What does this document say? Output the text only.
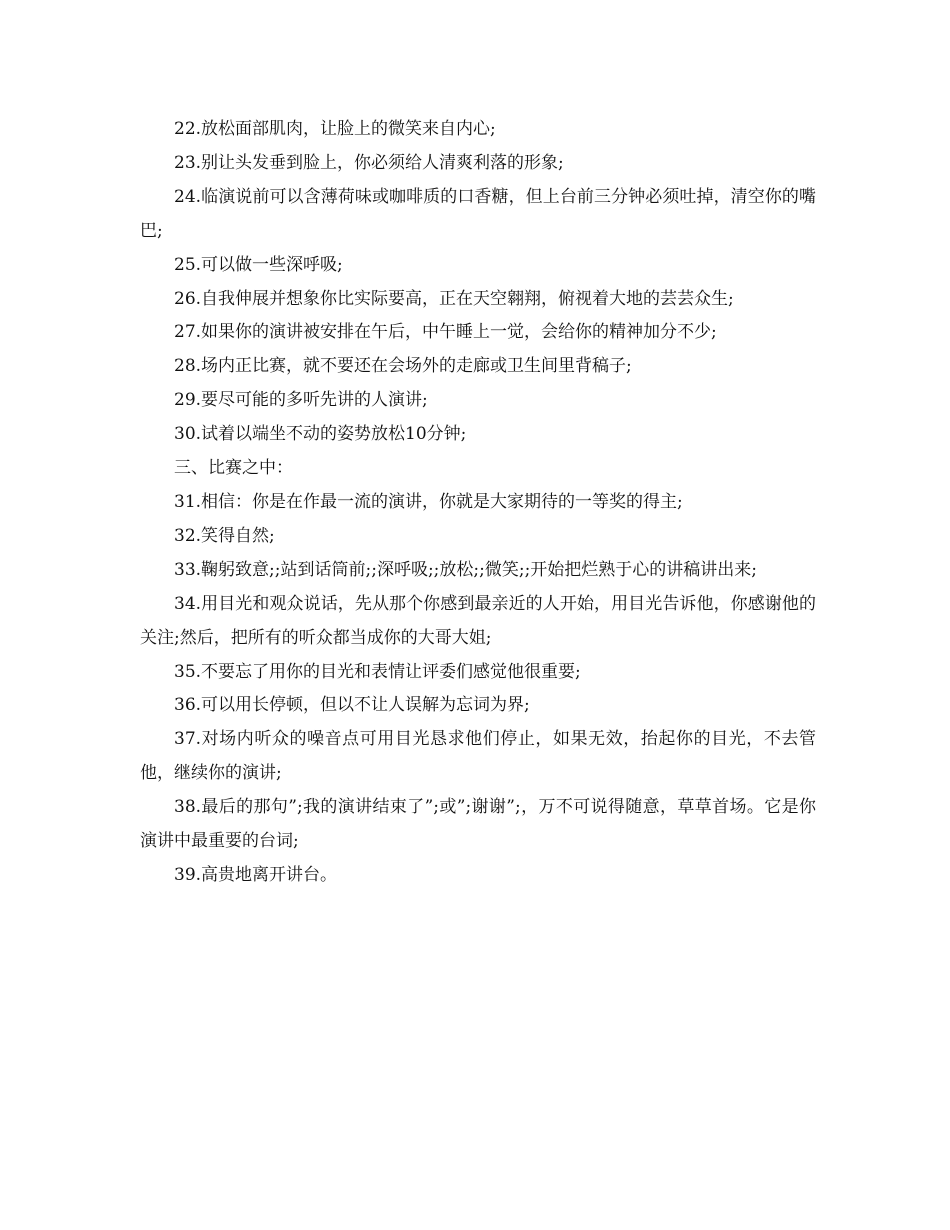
22.放松面部肌肉，让脸上的微笑来自内心;

23.别让头发垂到脸上，你必须给人清爽利落的形象;

24.临演说前可以含薄荷味或咖啡质的口香糖，但上台前三分钟必须吐掉，清空你的嘴巴;

25.可以做一些深呼吸;

26.自我伸展并想象你比实际要高，正在天空翱翔，俯视着大地的芸芸众生;

27.如果你的演讲被安排在午后，中午睡上一觉，会给你的精神加分不少;

28.场内正比赛，就不要还在会场外的走廊或卫生间里背稿子;

29.要尽可能的多听先讲的人演讲;

30.试着以端坐不动的姿势放松10分钟;

三、比赛之中：

31.相信：你是在作最一流的演讲，你就是大家期待的一等奖的得主;

32.笑得自然;

33.鞠躬致意;;站到话筒前;;深呼吸;;放松;;微笑;;开始把烂熟于心的讲稿讲出来;

34.用目光和观众说话，先从那个你感到最亲近的人开始，用目光告诉他，你感谢他的关注;然后，把所有的听众都当成你的大哥大姐;

35.不要忘了用你的目光和表情让评委们感觉他很重要;

36.可以用长停顿，但以不让人误解为忘词为界;

37.对场内听众的噪音点可用目光恳求他们停止，如果无效，抬起你的目光，不去管他，继续你的演讲;

38.最后的那句”;我的演讲结束了”;或”;谢谢”;，万不可说得随意，草草首场。它是你演讲中最重要的台词;

39.高贵地离开讲台。
